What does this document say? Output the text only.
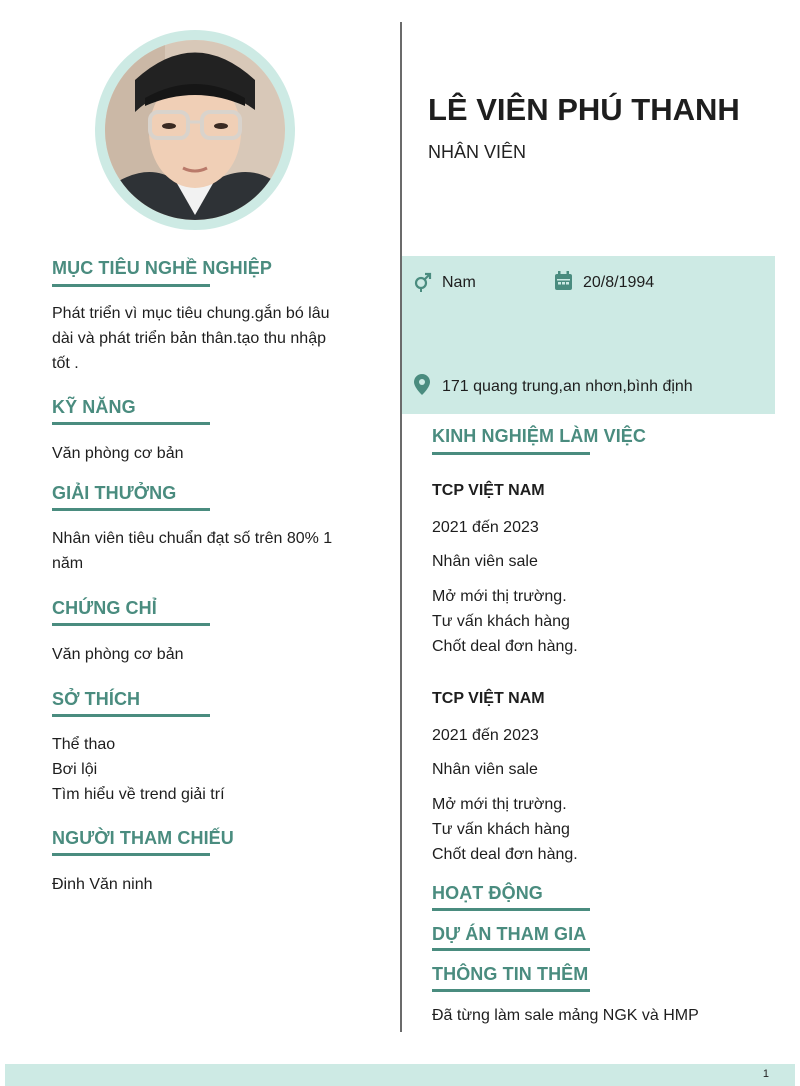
MỤC TIÊU NGHỀ NGHIỆP
Phát triển vì mục tiêu chung.gắn bó lâu
dài và phát triển bản thân.tạo thu nhập
tốt .
KỸ NĂNG
Văn phòng cơ bản
GIẢI THƯỞNG
Nhân viên tiêu chuẩn đạt số trên 80% 1
năm
CHỨNG CHỈ
Văn phòng cơ bản
SỞ THÍCH
Thể thao
Bơi lội
Tìm hiểu về trend giải trí
NGƯỜI THAM CHIẾU
Đinh Văn ninh
LÊ VIÊN PHÚ THANH
NHÂN VIÊN
Nam	20/8/1994
171 quang trung,an nhơn,bình định
KINH NGHIỆM LÀM VIỆC
TCP VIỆT NAM
2021 đến 2023
Nhân viên sale
Mở mới thị trường.
Tư vấn khách hàng
Chốt deal đơn hàng.
TCP VIỆT NAM
2021 đến 2023
Nhân viên sale
Mở mới thị trường.
Tư vấn khách hàng
Chốt deal đơn hàng.
HOẠT ĐỘNG
DỰ ÁN THAM GIA
THÔNG TIN THÊM
Đã từng làm sale mảng NGK và HMP
1
